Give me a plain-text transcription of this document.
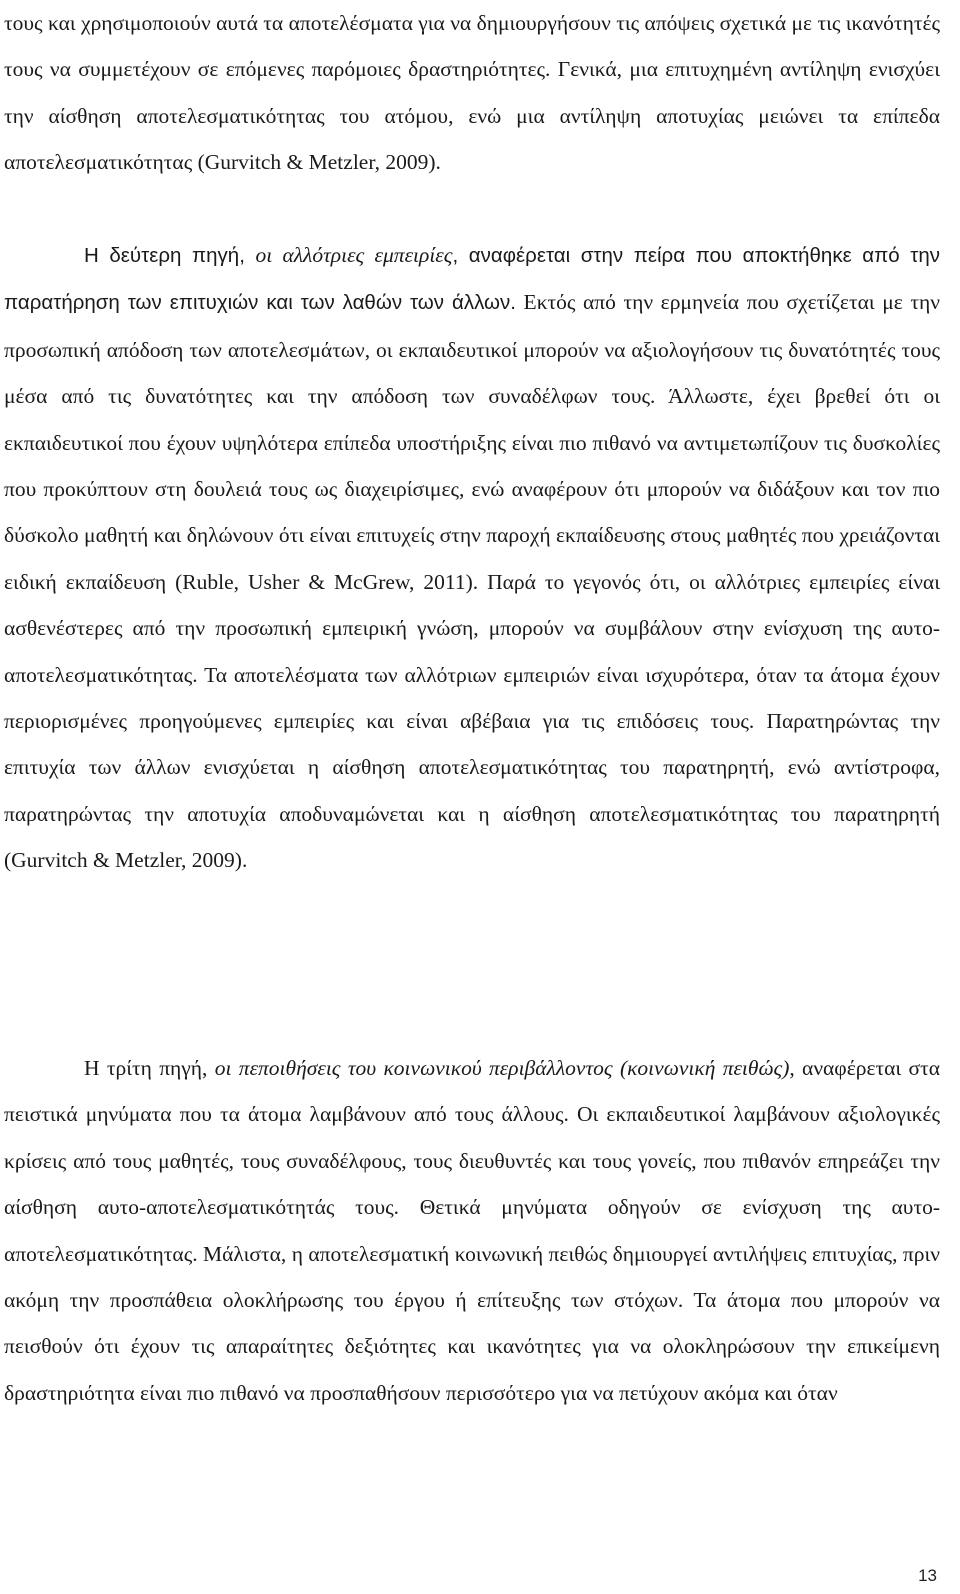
τους και χρησιμοποιούν αυτά τα αποτελέσματα για να δημιουργήσουν τις απόψεις σχετικά με τις ικανότητές τους να συμμετέχουν σε επόμενες παρόμοιες δραστηριότητες. Γενικά, μια επιτυχημένη αντίληψη ενισχύει την αίσθηση αποτελεσματικότητας του ατόμου, ενώ μια αντίληψη αποτυχίας μειώνει τα επίπεδα αποτελεσματικότητας (Gurvitch & Metzler, 2009).

Η δεύτερη πηγή, οι αλλότριες εμπειρίες, αναφέρεται στην πείρα που αποκτήθηκε από την παρατήρηση των επιτυχιών και των λαθών των άλλων. Εκτός από την ερμηνεία που σχετίζεται με την προσωπική απόδοση των αποτελεσμάτων, οι εκπαιδευτικοί μπορούν να αξιολογήσουν τις δυνατότητές τους μέσα από τις δυνατότητες και την απόδοση των συναδέλφων τους. Άλλωστε, έχει βρεθεί ότι οι εκπαιδευτικοί που έχουν υψηλότερα επίπεδα υποστήριξης είναι πιο πιθανό να αντιμετωπίζουν τις δυσκολίες που προκύπτουν στη δουλειά τους ως διαχειρίσιμες, ενώ αναφέρουν ότι μπορούν να διδάξουν και τον πιο δύσκολο μαθητή και δηλώνουν ότι είναι επιτυχείς στην παροχή εκπαίδευσης στους μαθητές που χρειάζονται ειδική εκπαίδευση (Ruble, Usher & McGrew, 2011). Παρά το γεγονός ότι, οι αλλότριες εμπειρίες είναι ασθενέστερες από την προσωπική εμπειρική γνώση, μπορούν να συμβάλουν στην ενίσχυση της αυτο-αποτελεσματικότητας. Τα αποτελέσματα των αλλότριων εμπειριών είναι ισχυρότερα, όταν τα άτομα έχουν περιορισμένες προηγούμενες εμπειρίες και είναι αβέβαια για τις επιδόσεις τους. Παρατηρώντας την επιτυχία των άλλων ενισχύεται η αίσθηση αποτελεσματικότητας του παρατηρητή, ενώ αντίστροφα, παρατηρώντας την αποτυχία αποδυναμώνεται και η αίσθηση αποτελεσματικότητας του παρατηρητή (Gurvitch & Metzler, 2009).

Η τρίτη πηγή, οι πεποιθήσεις του κοινωνικού περιβάλλοντος (κοινωνική πειθώς), αναφέρεται στα πειστικά μηνύματα που τα άτομα λαμβάνουν από τους άλλους. Οι εκπαιδευτικοί λαμβάνουν αξιολογικές κρίσεις από τους μαθητές, τους συναδέλφους, τους διευθυντές και τους γονείς, που πιθανόν επηρεάζει την αίσθηση αυτο-αποτελεσματικότητάς τους. Θετικά μηνύματα οδηγούν σε ενίσχυση της αυτο-αποτελεσματικότητας. Μάλιστα, η αποτελεσματική κοινωνική πειθώς δημιουργεί αντιλήψεις επιτυχίας, πριν ακόμη την προσπάθεια ολοκλήρωσης του έργου ή επίτευξης των στόχων. Τα άτομα που μπορούν να πεισθούν ότι έχουν τις απαραίτητες δεξιότητες και ικανότητες για να ολοκληρώσουν την επικείμενη δραστηριότητα είναι πιο πιθανό να προσπαθήσουν περισσότερο για να πετύχουν ακόμα και όταν

13
